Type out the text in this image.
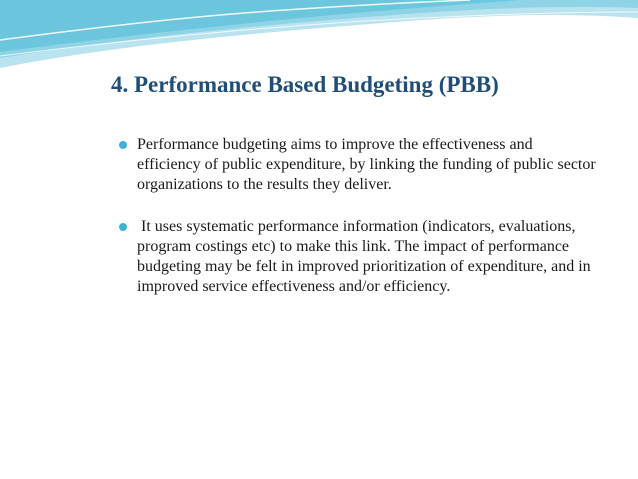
4. Performance Based Budgeting (PBB)
Performance budgeting aims to improve the effectiveness and efficiency of public expenditure, by linking the funding of public sector organizations to the results they deliver.
It uses systematic performance information (indicators, evaluations, program costings etc) to make this link. The impact of performance budgeting may be felt in improved prioritization of expenditure, and in improved service effectiveness and/or efficiency.
